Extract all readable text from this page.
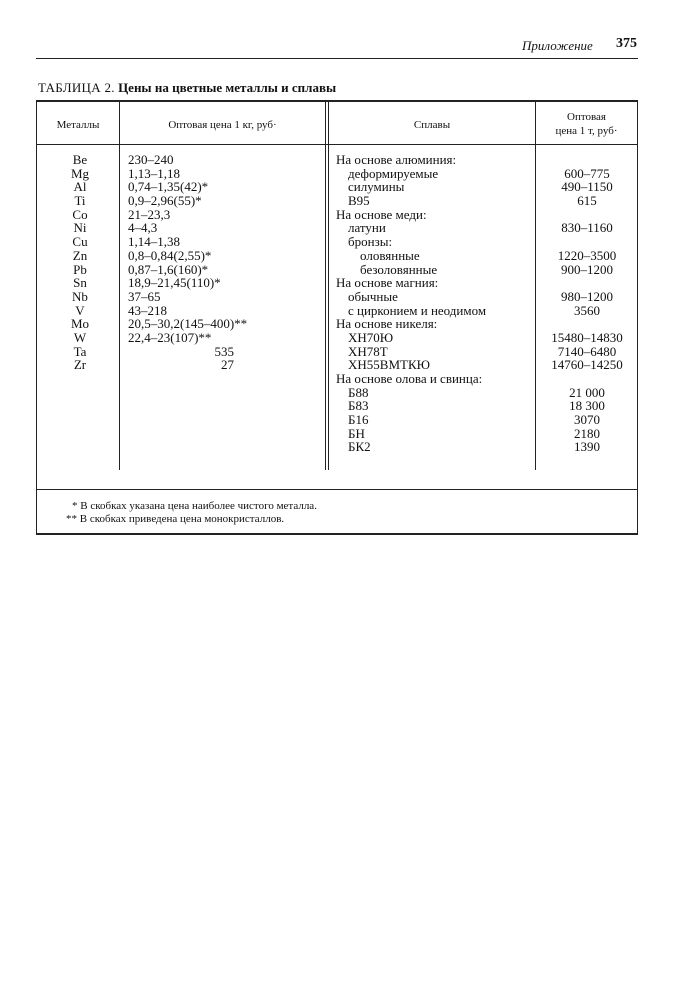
Приложение 375
ТАБЛИЦА 2. Цены на цветные металлы и сплавы
Металлы	Оптовая цена 1 кг, руб·	Сплавы
Оптовая
цена 1 т, руб·
Be
Mg
Al
Ti
Co
Ni
Cu
Zn
Pb
Sn
Nb
V
Mo
W
Ta
Zr
230–240
1,13–1,18
0,74–1,35(42)*
0,9–2,96(55)*
21–23,3
4–4,3
1,14–1,38
0,8–0,84(2,55)*
0,87–1,6(160)*
18,9–21,45(110)*
37–65
43–218
20,5–30,2(145–400)**
22,4–23(107)**
535
27
На основе алюминия:
деформируемые
силумины
В95
На основе меди:
латуни
бронзы:
оловянные
безоловянные
На основе магния:
обычные
с цирконием и неодимом
На основе никеля:
ХН70Ю
ХН78Т
ХН55ВМТКЮ
На основе олова и свинца:
Б88
Б83
Б16
БН
БК2
600–775
490–1150
615
830–1160
1220–3500
900–1200
980–1200
3560
15480–14830
7140–6480
14760–14250
21 000
18 300
3070
2180
1390
* В скобках указана цена наиболее чистого металла.
** В скобках приведена цена монокристаллов.
